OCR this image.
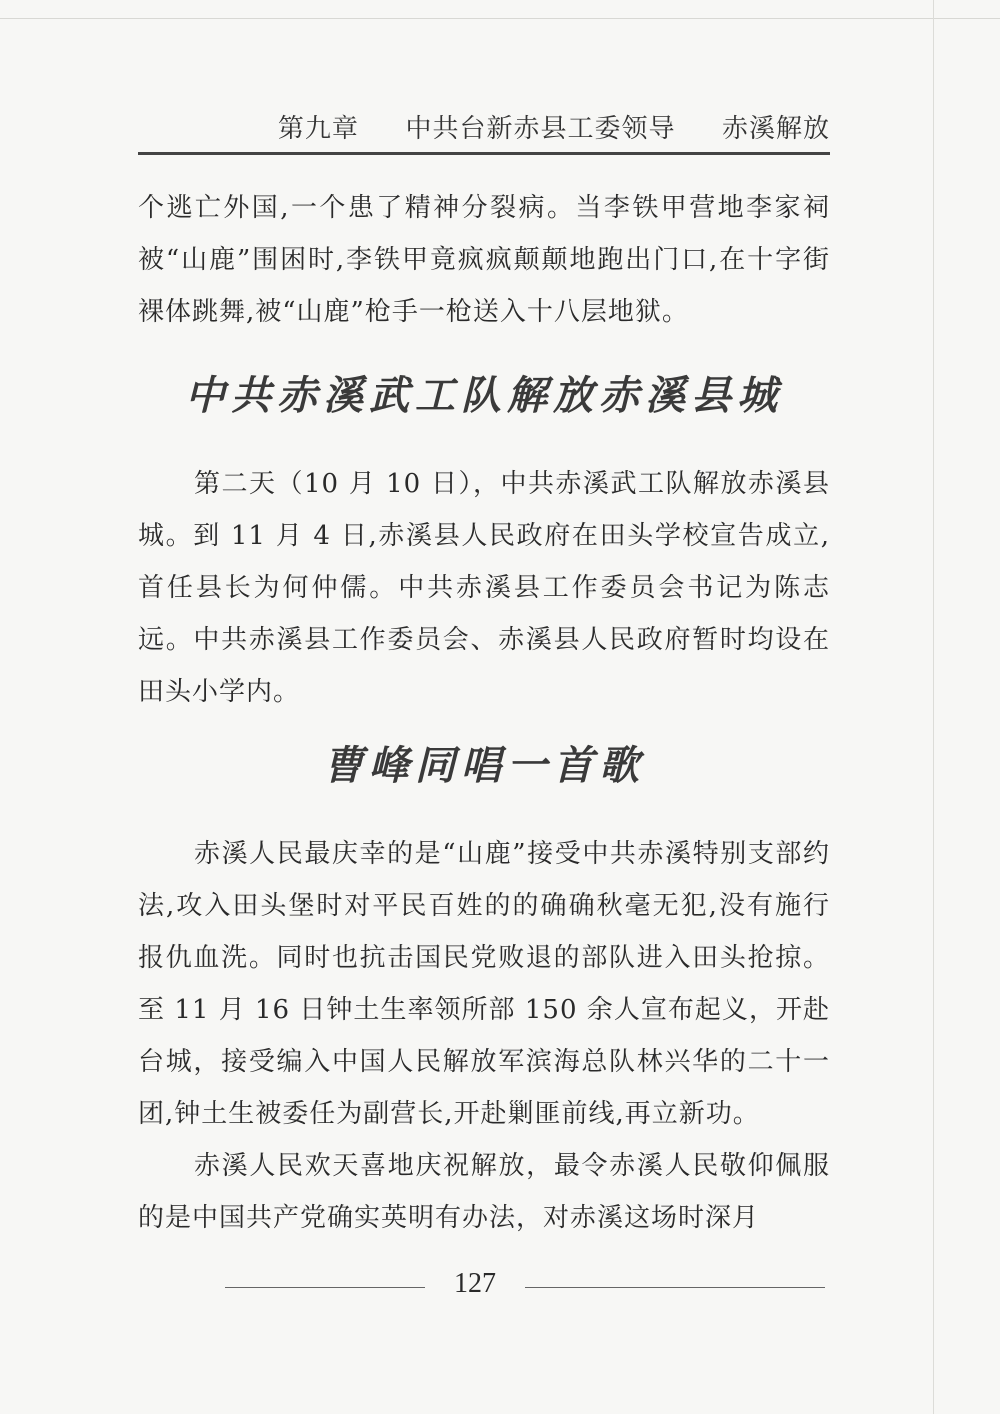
第九章 中共台新赤县工委领导 赤溪解放

个逃亡外国,一个患了精神分裂病。当李铁甲营地李家祠被“山鹿”围困时,李铁甲竟疯疯颠颠地跑出门口,在十字街裸体跳舞,被“山鹿”枪手一枪送入十八层地狱。

中共赤溪武工队解放赤溪县城

第二天（10 月 10 日），中共赤溪武工队解放赤溪县城。到 11 月 4 日,赤溪县人民政府在田头学校宣告成立,首任县长为何仲儒。中共赤溪县工作委员会书记为陈志远。中共赤溪县工作委员会、赤溪县人民政府暂时均设在田头小学内。

曹峰同唱一首歌

赤溪人民最庆幸的是“山鹿”接受中共赤溪特别支部约法,攻入田头堡时对平民百姓的的确确秋毫无犯,没有施行报仇血洗。同时也抗击国民党败退的部队进入田头抢掠。至 11 月 16 日钟土生率领所部 150 余人宣布起义，开赴台城，接受编入中国人民解放军滨海总队林兴华的二十一团,钟土生被委任为副营长,开赴剿匪前线,再立新功。

赤溪人民欢天喜地庆祝解放，最令赤溪人民敬仰佩服的是中国共产党确实英明有办法，对赤溪这场时深月

127
